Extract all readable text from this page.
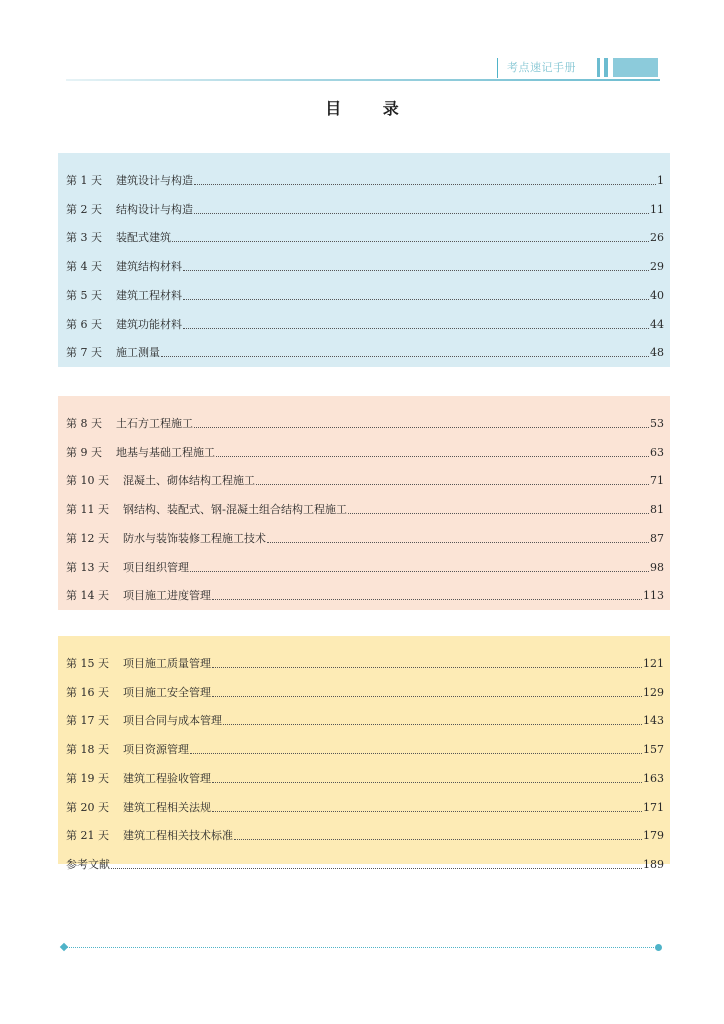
考点速记手册
目 录
第 1 天 建筑设计与构造	1
第 2 天 结构设计与构造	11
第 3 天 装配式建筑	26
第 4 天 建筑结构材料	29
第 5 天 建筑工程材料	40
第 6 天 建筑功能材料	44
第 7 天 施工测量	48
第 8 天 土石方工程施工	53
第 9 天 地基与基础工程施工	63
第 10 天 混凝土、砌体结构工程施工	71
第 11 天 钢结构、装配式、钢-混凝土组合结构工程施工	81
第 12 天 防水与装饰装修工程施工技术	87
第 13 天 项目组织管理	98
第 14 天 项目施工进度管理	113
第 15 天 项目施工质量管理	121
第 16 天 项目施工安全管理	129
第 17 天 项目合同与成本管理	143
第 18 天 项目资源管理	157
第 19 天 建筑工程验收管理	163
第 20 天 建筑工程相关法规	171
第 21 天 建筑工程相关技术标准	179
参考文献	189
